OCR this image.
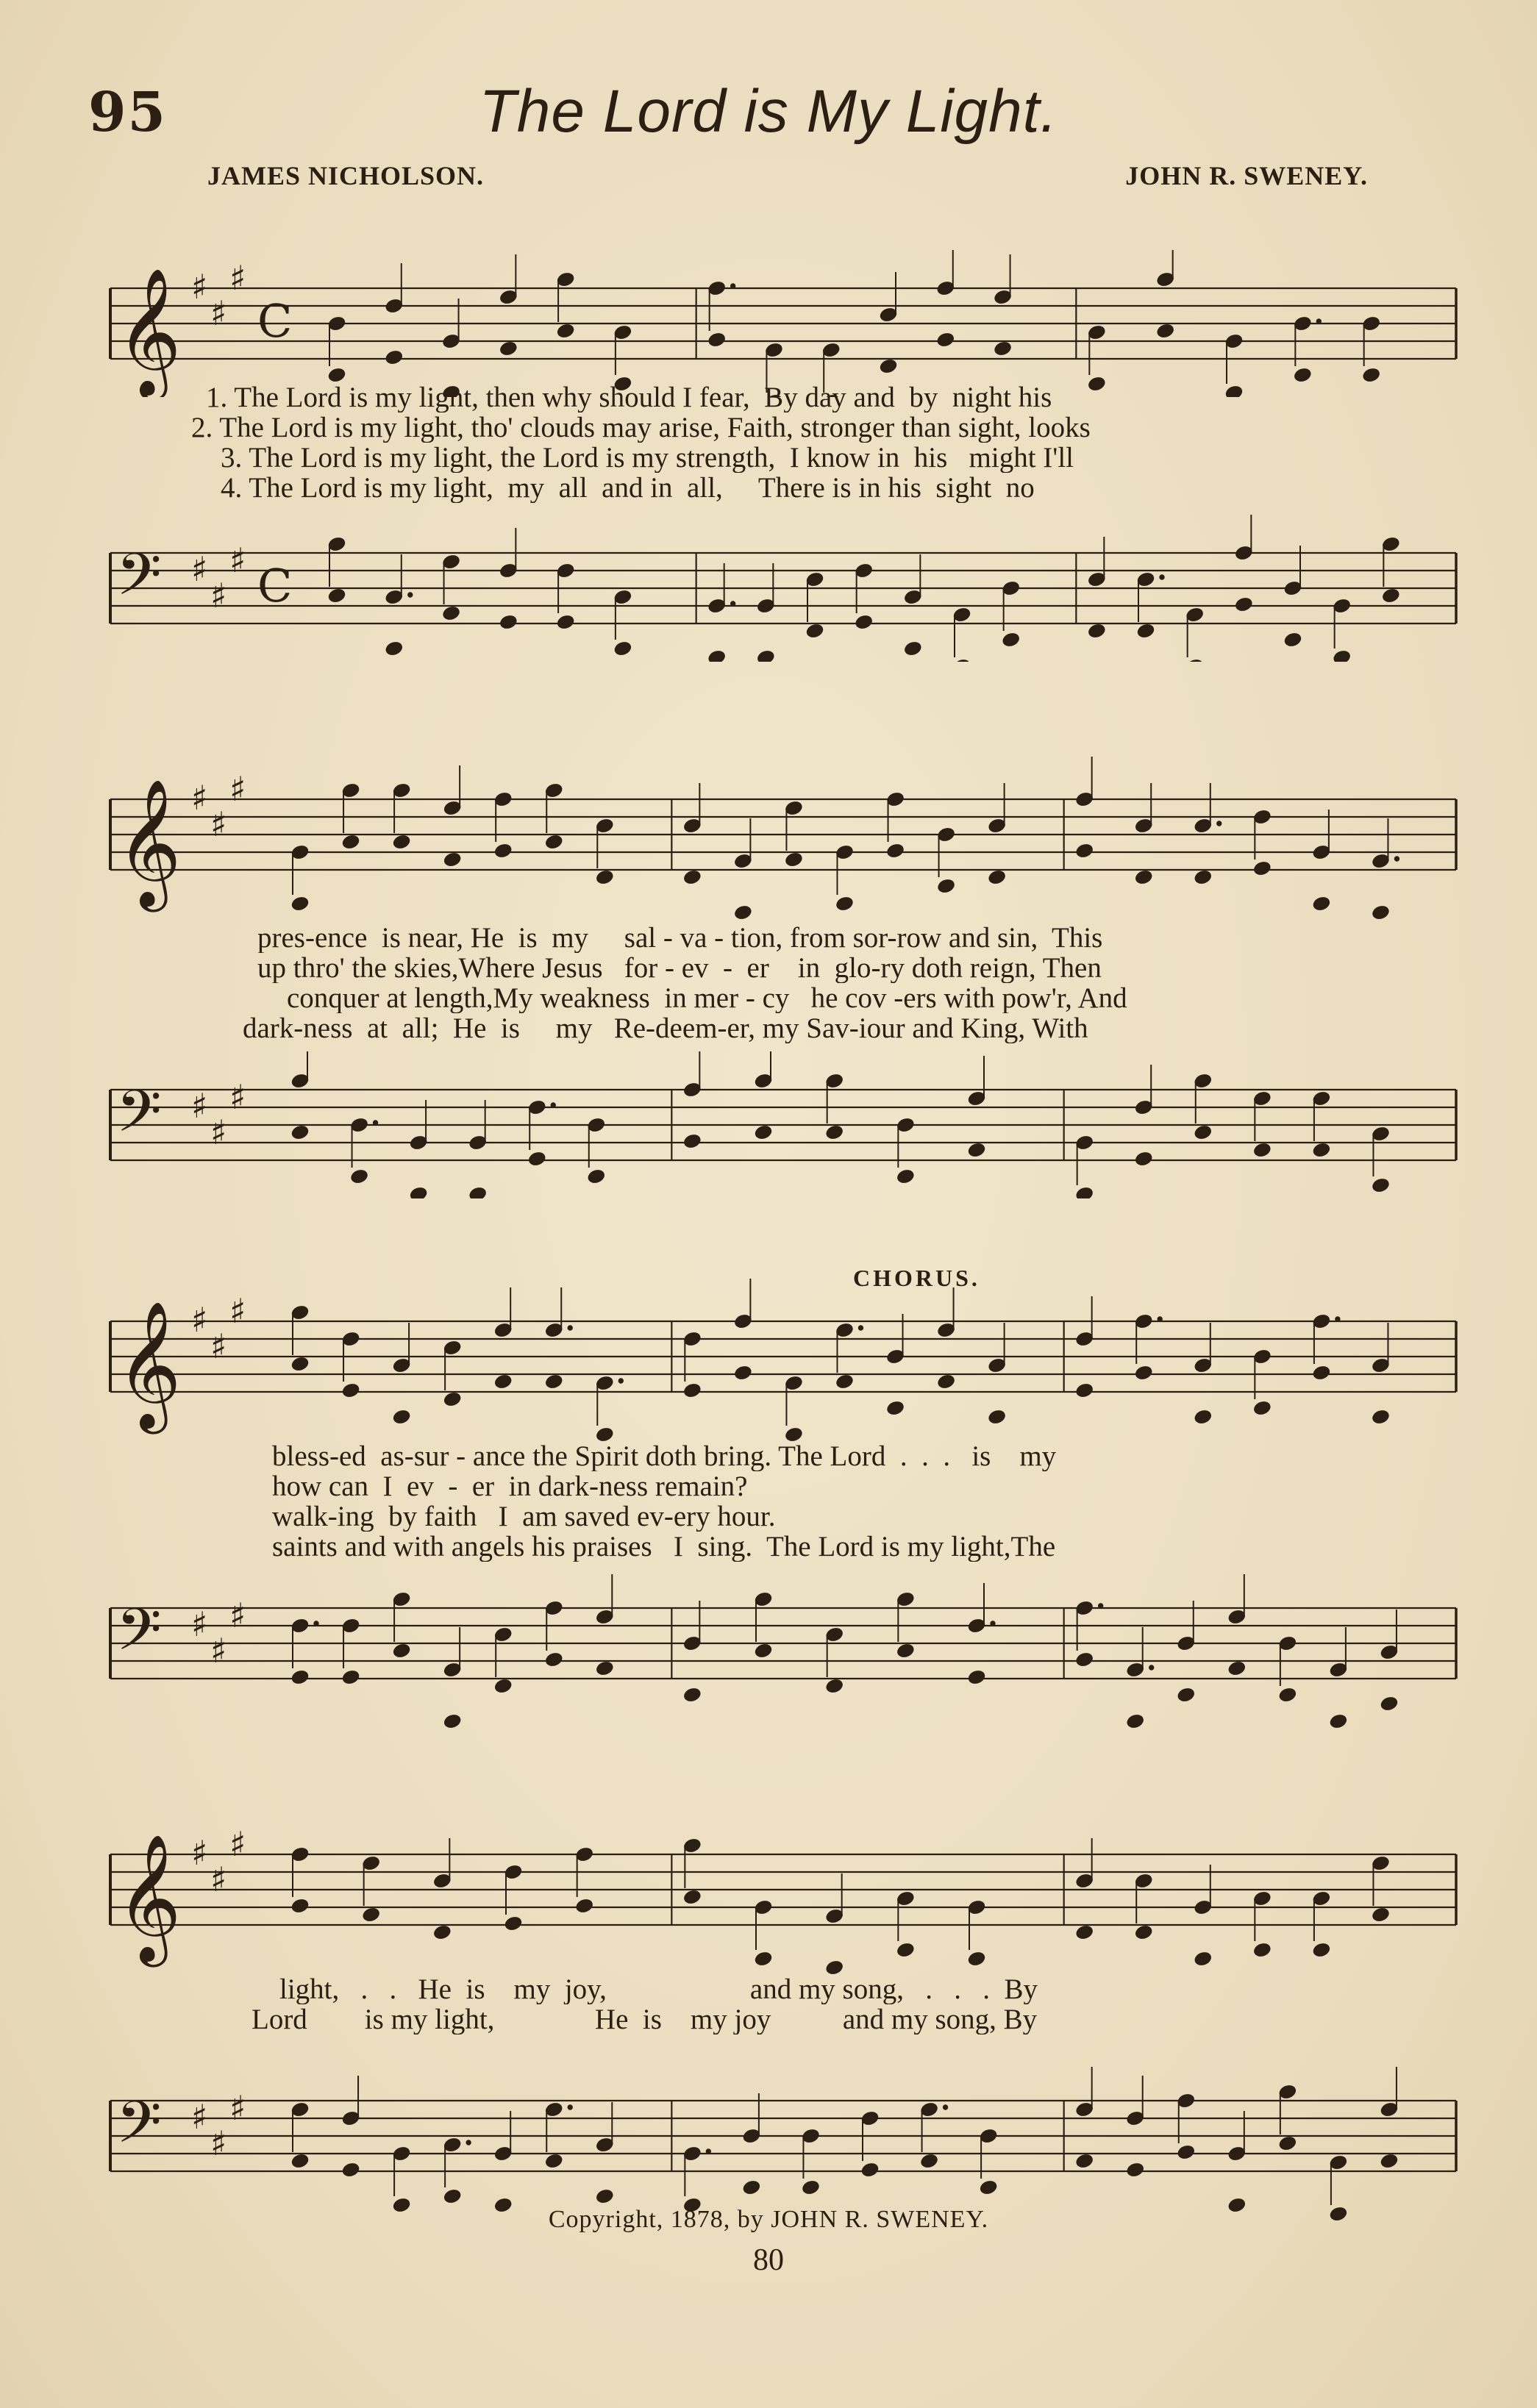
95	The Lord is My Light.
JAMES NICHOLSON.	JOHN R. SWENEY.
𝄞 ♯
♯
♯
C
1. The Lord is my light, then why should I fear,  By day and  by  night his
2. The Lord is my light, tho' clouds may arise, Faith, stronger than sight, looks
3. The Lord is my light, the Lord is my strength,  I know in  his   might I'll
4. The Lord is my light,  my  all  and in  all,     There is in his  sight  no
𝄢 ♯
♯
♯ C
𝄞 ♯
♯
♯
pres-ence  is near, He  is  my     sal - va - tion, from sor-row and sin,  This
up thro' the skies,Where Jesus   for - ev  -  er    in  glo-ry doth reign, Then
conquer at length,My weakness  in mer - cy   he cov -ers with pow'r, And
dark-ness  at  all;  He  is     my   Re-deem-er, my Sav-iour and King, With
𝄢 ♯
♯
♯
CHORUS.
𝄞 ♯
♯
♯
bless-ed  as-sur - ance the Spirit doth bring. The Lord  .  .  .   is    my
how can  I  ev  -  er  in dark-ness remain?
walk-ing  by faith   I  am saved ev-ery hour.
saints and with angels his praises   I  sing.  The Lord is my light,The
𝄢 ♯
♯
♯
𝄞 ♯
♯
♯
light,   .   .   He  is    my  joy,                    and my song,   .   .   .  By
Lord        is my light,              He  is    my joy          and my song, By
𝄢 ♯
♯
♯
Copyright, 1878, by JOHN R. SWENEY.
80
